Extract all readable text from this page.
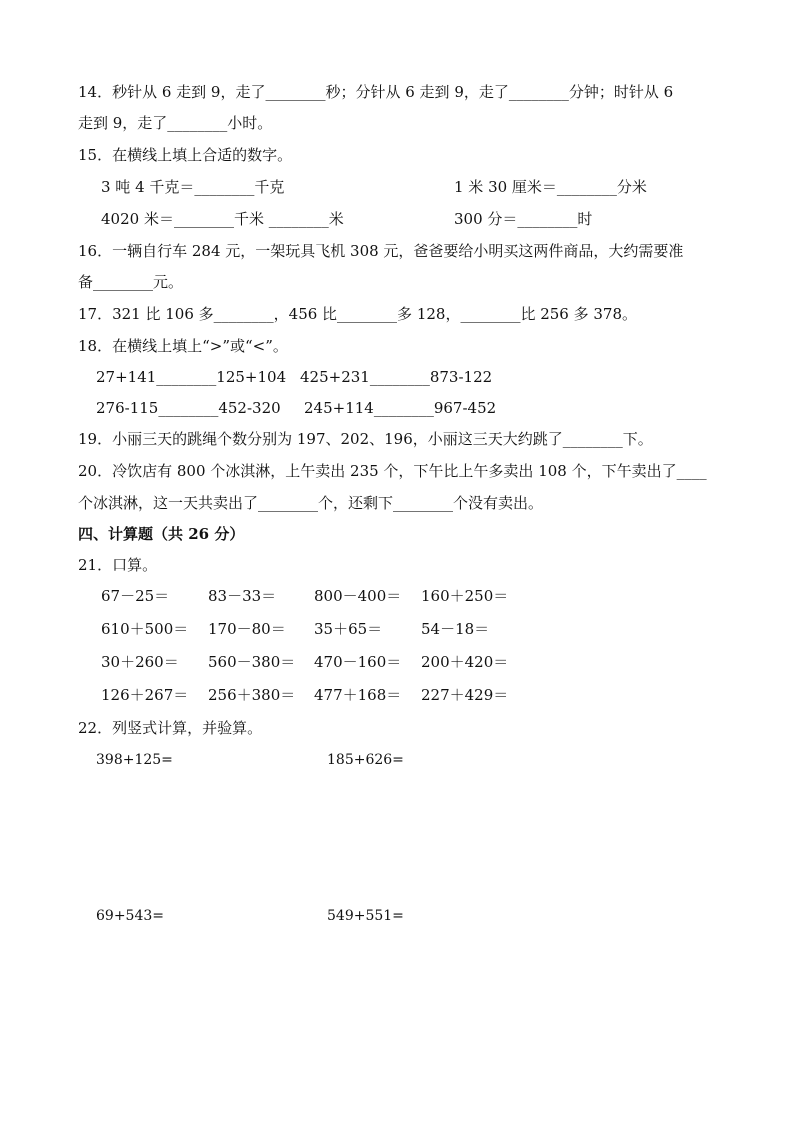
14．秒针从 6 走到 9，走了________秒；分针从 6 走到 9，走了________分钟；时针从 6
走到 9，走了________小时。
15．在横线上填上合适的数字。
3 吨 4 千克＝________千克	1 米 30 厘米＝________分米
4020 米＝________千米 ________米	300 分＝________时
16．一辆自行车 284 元，一架玩具飞机 308 元，爸爸要给小明买这两件商品，大约需要准
备________元。
17．321 比 106 多________，456 比________多 128，________比 256 多 378。
18．在横线上填上“>”或“<”。
27+141________125+104 425+231________873-122
276-115________452-320 245+114________967-452
19．小丽三天的跳绳个数分别为 197、202、196，小丽这三天大约跳了________下。
20．冷饮店有 800 个冰淇淋，上午卖出 235 个，下午比上午多卖出 108 个，下午卖出了____
个冰淇淋，这一天共卖出了________个，还剩下________个没有卖出。
四、计算题（共 26 分）
21．口算。
67－25＝	83－33＝	800－400＝ 160＋250＝
610＋500＝ 170－80＝ 35＋65＝	54－18＝
30＋260＝ 560－380＝ 470－160＝ 200＋420＝
126＋267＝ 256＋380＝ 477＋168＝ 227＋429＝
22．列竖式计算，并验算。
398+125=	185+626=
69+543=	549+551=
